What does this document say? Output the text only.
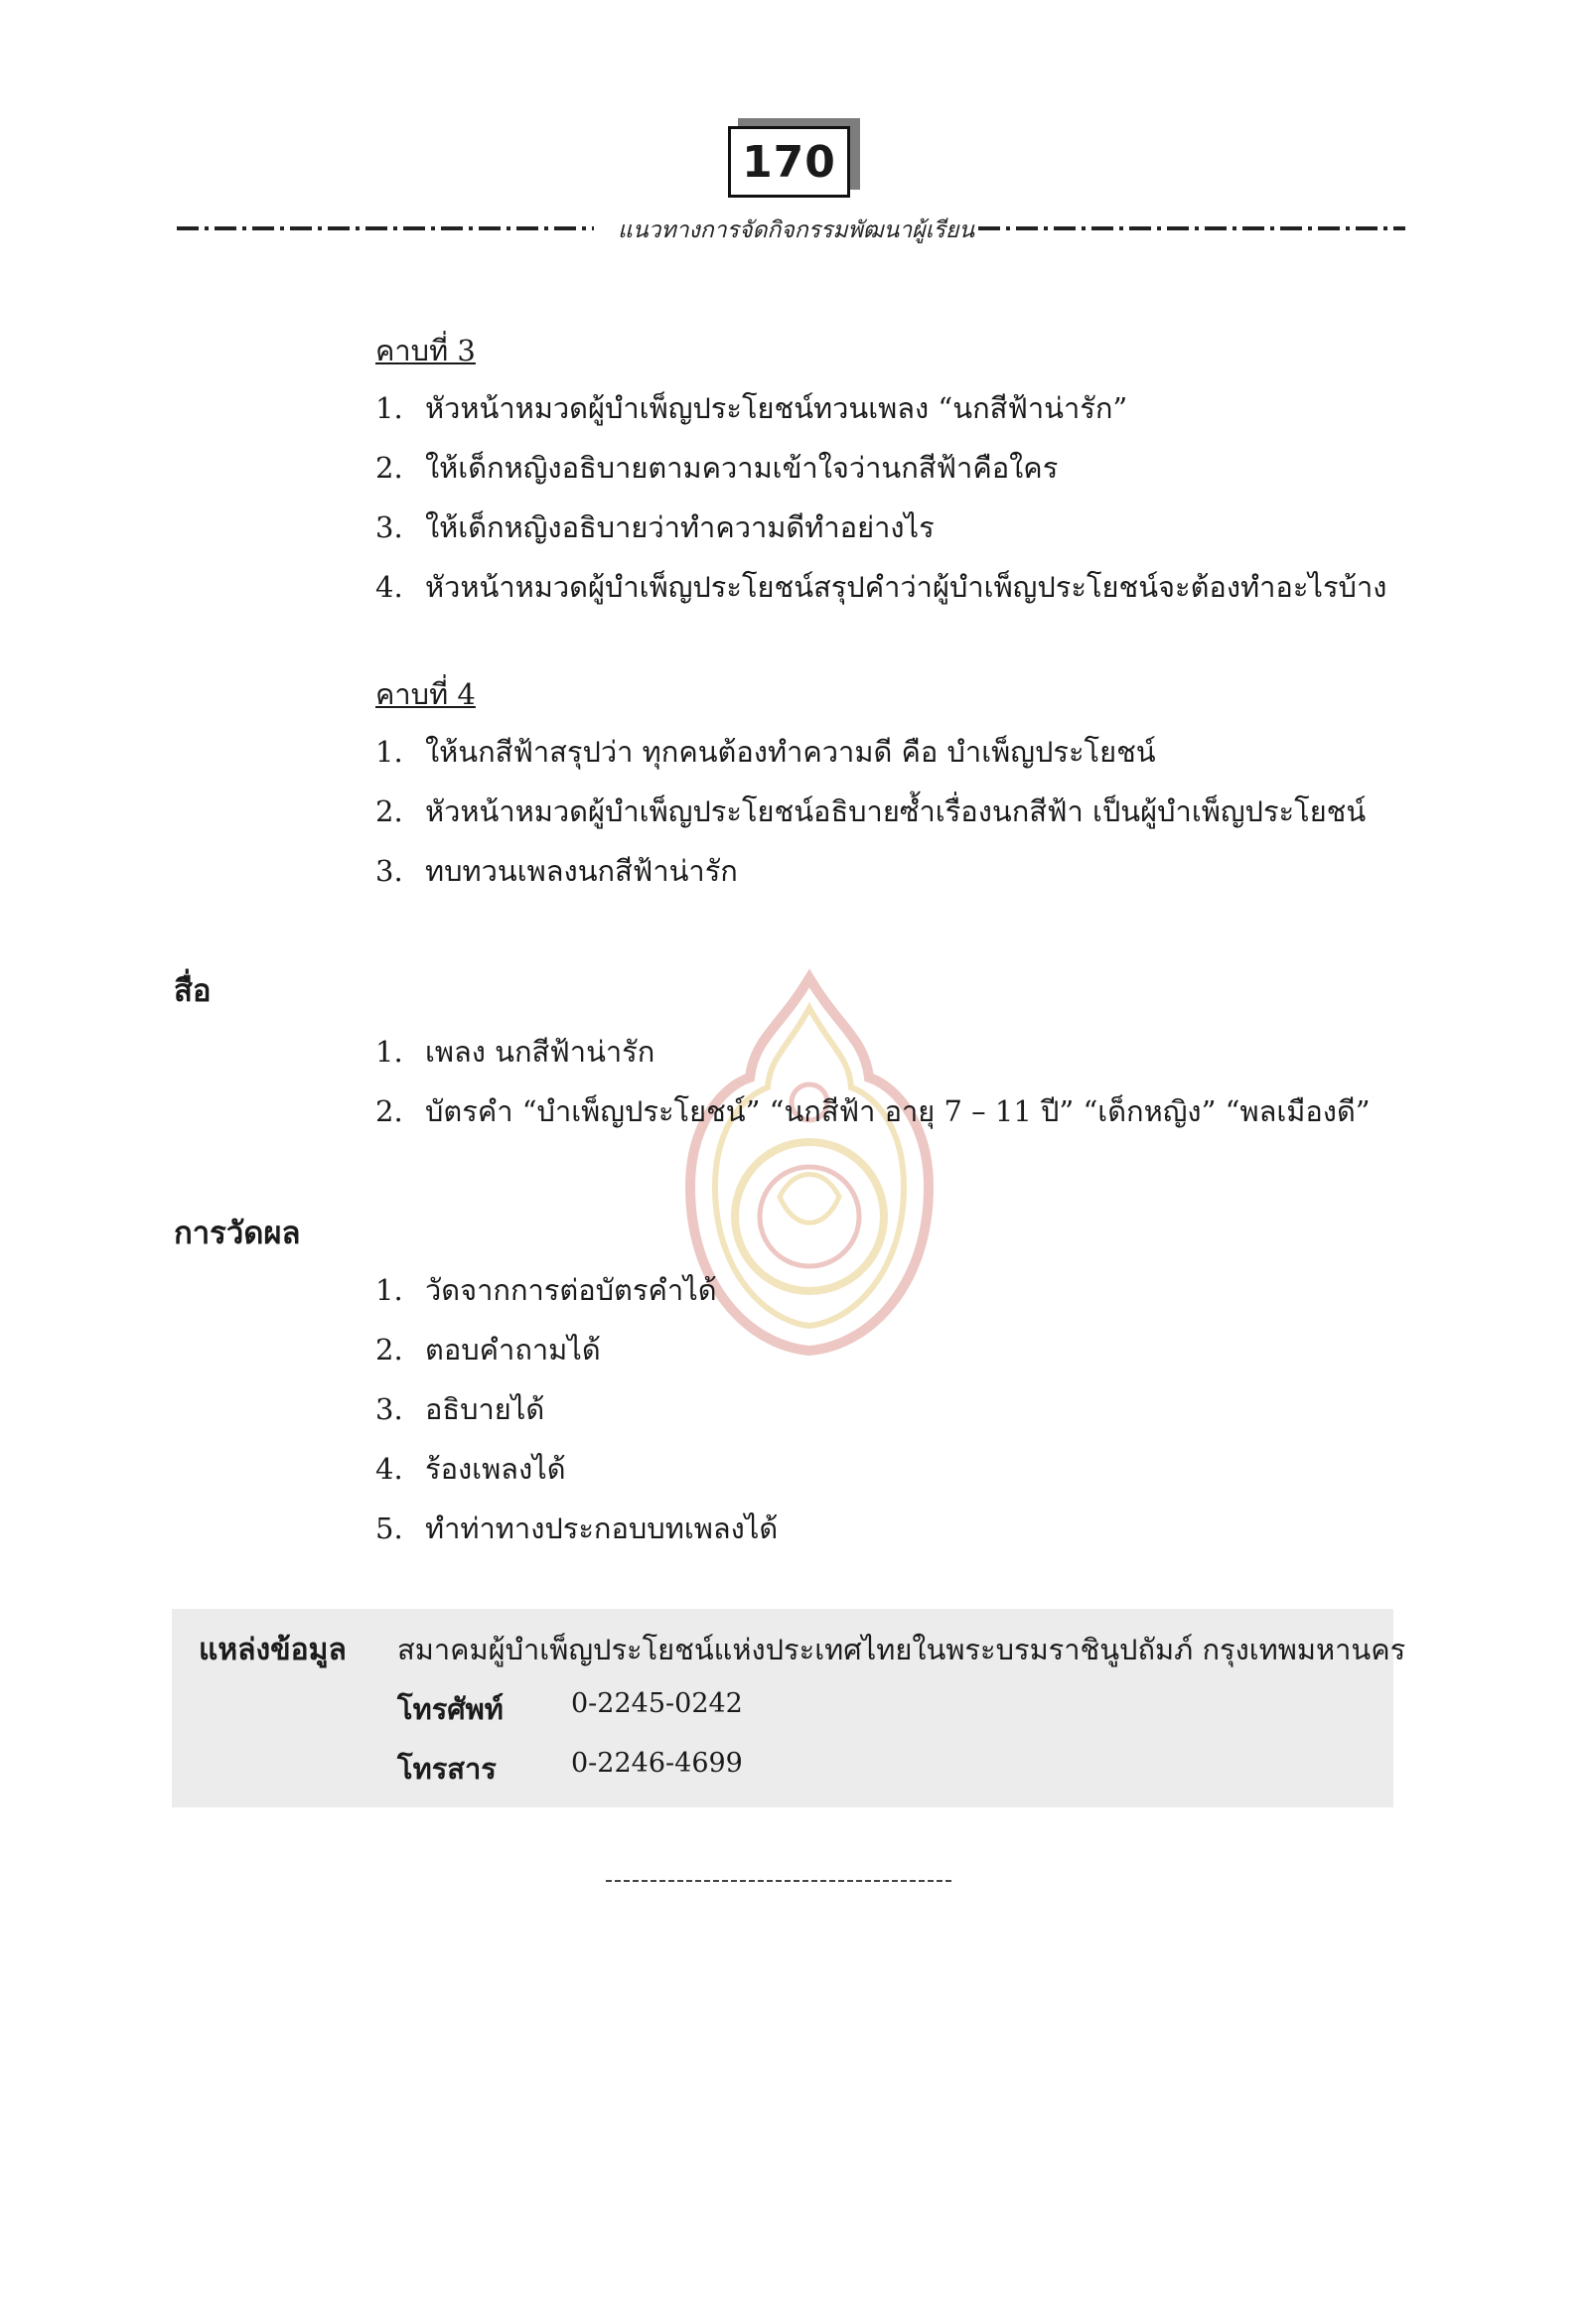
170
แนวทางการจัดกิจกรรมพัฒนาผู้เรียน
คาบที่ 3
1. หัวหน้าหมวดผู้บำเพ็ญประโยชน์ทวนเพลง “นกสีฟ้าน่ารัก”
2. ให้เด็กหญิงอธิบายตามความเข้าใจว่านกสีฟ้าคือใคร
3. ให้เด็กหญิงอธิบายว่าทำความดีทำอย่างไร
4. หัวหน้าหมวดผู้บำเพ็ญประโยชน์สรุปคำว่าผู้บำเพ็ญประโยชน์จะต้องทำอะไรบ้าง
คาบที่ 4
1. ให้นกสีฟ้าสรุปว่า ทุกคนต้องทำความดี คือ บำเพ็ญประโยชน์
2. หัวหน้าหมวดผู้บำเพ็ญประโยชน์อธิบายซ้ำเรื่องนกสีฟ้า เป็นผู้บำเพ็ญประโยชน์
3. ทบทวนเพลงนกสีฟ้าน่ารัก
สื่อ
1. เพลง นกสีฟ้าน่ารัก
2. บัตรคำ “บำเพ็ญประโยชน์” “นกสีฟ้า อายุ 7 – 11 ปี” “เด็กหญิง” “พลเมืองดี”
การวัดผล
1. วัดจากการต่อบัตรคำได้
2. ตอบคำถามได้
3. อธิบายได้
4. ร้องเพลงได้
5. ทำท่าทางประกอบบทเพลงได้
แหล่งข้อมูล สมาคมผู้บำเพ็ญประโยชน์แห่งประเทศไทยในพระบรมราชินูปถัมภ์ กรุงเทพมหานคร
โทรศัพท์	0-2245-0242
โทรสาร	0-2246-4699
